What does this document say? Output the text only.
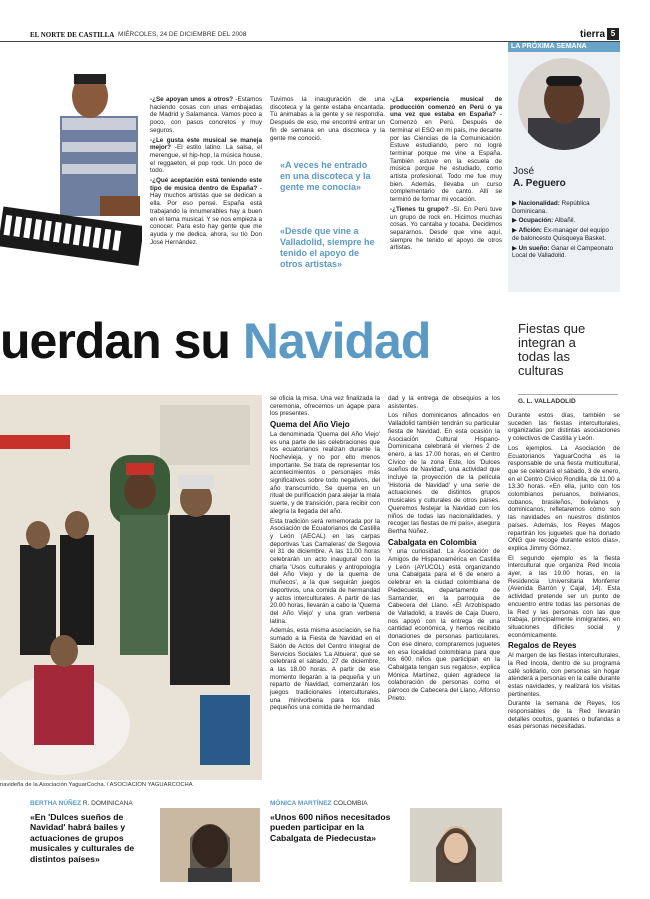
EL NORTE DE CASTILLA MIÉRCOLES, 24 DE DICIEMBRE DEL 2008	tierra 5

-¿Se apoyan unos a otros? -Estamos haciendo cosas con unas embajadas de Madrid y Salamanca. Vamos poco a poco, con pasos concretos y muy seguros.

-¿Le gusta este musical se maneja mejor? -El estilo latino. La salsa, el merengue, el hip-hop, la música house, el reggaeton, el pop rock. Un poco de todo.

-¿Qué aceptación está teniendo este tipo de música dentro de España? -Hay muchos artistas que se dedican a ella. Por eso pensé. España está trabajando la innumerables hay a buen en el tema musical. Y se nos empieza a conocer. Para esto hay gente que me ayuda y me dedica, ahora, su tío Don José Hernández.

Tuvimos la inauguración de una discoteca y la gente estaba encantada. Tú animabas a la gente y se respondía. Después de eso, me encontré entrar un fin de semana en una discoteca y la gente me conoció.

«A veces he entrado en una discoteca y la gente me conocía»
«Desde que vine a Valladolid, siempre he tenido el apoyo de otros artistas»

-¿La experiencia musical de producción comenzó en Perú o ya una vez que estaba en España? -Comenzó en Perú. Después de terminar el ESO en mi país, me decante por las Ciencias de la Comunicación. Estuve estudiando, pero no logré terminar porque me vine a España. También estuve en la escuela de música porque he estudiado, como artista profesional. Todo me fue muy bien. Además, llevaba un curso complementario de canto. Allí se terminó de formar mi vocación.

-¿Tienes tu grupo? -Sí. En Perú tuve un grupo de rock en. Hicimos muchas cosas. Yo cantaba y tocaba. Decidimos separarnos. Desde que vine aquí, siempre he tenido el apoyo de otros artistas.

LA PRÓXIMA SEMANA
José
A. Peguero

▶ Nacionalidad: República Dominicana.

▶ Ocupación: Albañil.

▶ Afición: Ex-manager del equipo de baloncesto Quisqueya Basket.

▶ Un sueño: Ganar el Campeonato Local de Valladolid.

uerdan su Navidad	Fiestas que integran a todas las culturas
G. L. VALLADOLID
navideña de la Asociación YaguarCocha. / ASOCIACIÓN YAGUARCOCHA

se oficia la misa. Una vez finalizada la ceremonia, ofrecemos un ágape para los presentes.

Quema del Año Viejo

La denominada 'Quema del Año Viejo' es una parte de las celebraciones que los ecuatorianos realizan durante la Nochevieja, y no por ello menos importante. Se trata de representar los acontecimientos o personajes más significativos sobre todo negativos, del año transcurrido. Se quema en un ritual de purificación para alejar la mala suerte, y de transición, para recibir con alegría la llegada del año.

Esta tradición será rememorada por la Asociación de Ecuatorianos de Castilla y León (AECAL) en las carpas deportivas 'Las Camaleras' de Segovia el 31 de diciembre. A las 11.00 horas celebrarán un acto inaugural con la charla 'Usos culturales y antropología del Año Viejo y de la quema de muñecos', a la que seguirán juegos deportivos, una comida de hermandad y actos interculturales. A partir de las 20.00 horas, llevarán a cabo la 'Quema del Año Viejo' y una gran verbena latina.

Además, esta misma asociación, se ha sumado a la Fiesta de Navidad en el Salón de Actos del Centro Integral de Servicios Sociales 'La Albuera', que se celebrará el sábado, 27 de diciembre, a las 18.00 horas. A partir de ese momento llegarán a la pequeña y un reparto de Navidad, comenzarán los juegos tradicionales interculturales, una minivorbena para los más pequeños una comida de hermandad

dad y la entrega de obsequios a los asistentes.

Los niños dominicanos afincados en Valladolid también tendrán su particular fiesta de Navidad. En esta ocasión la Asociación Cultural Hispano-Dominicana celebrará el viernes 2 de enero, a las 17.00 horas, en el Centro Cívico de la zona Este, los 'Dulces sueños de Navidad', una actividad que incluye la proyección de la película 'Historia de Navidad' y una serie de actuaciones de distintos grupos musicales y culturales de otros países. Queremos festejar la Navidad con los niños de todas las nacionalidades, y recoger las fiestas de mi país», asegura Bertha Núñez.

Cabalgata en Colombia

Y una curiosidad. La Asociación de Amigos de Hispanoamérica en Castilla y León (AYUCOL) está organizando una Cabalgata para el 6 de enero a celebrar en la ciudad colombiana de Piedecuesta, departamento de Santander, en la parroquia de Cabecera del Llano. «El Arzobispado de Valladolid, a través de Caja Duero, nos apoyó con la entrega de una cantidad económica, y hemos recibido donaciones de personas particulares. Con ese dinero, compraremos juguetes en esa localidad colombiana para que los 600 niños que participan en la Cabalgata tengan sus regalos», explica Mónica Martínez, quien agradece la colaboración de personas como el párroco de Cabecera del Llano, Alfonso Prieto.

Durante estos días, también se suceden las fiestas interculturales, organizadas por distintas asociaciones y colectivos de Castilla y León.

Los ejemplos. La Asociación de Ecuatorianos YaguarCocha es la responsable de una fiesta multicultural, que se celebrará el sábado, 3 de enero, en el Centro Cívico Rondilla, de 11.00 a 13.30 horas. «En ella, junto con los colombianos peruanos, bolivianos, cubanos, brasileños, bolivianos y dominicanos, refletaremos cómo son las navidades en nuestros distintos países. Además, los Reyes Magos repartirán los juguetes que ha donado ONG que recoge durante estos días», explica Jimmy Gómez.

El segundo ejemplo es la fiesta intercultural que organiza Red Incola ayer, a las 19.00 horas, en la Residencia Universitaria Monferrer (Avenida Barrón y Cajal, 14). Esta actividad pretende ser un punto de encuentro entre todas las personas de la Red y las personas con las que trabaja, principalmente inmigrantes, en situaciones difíciles social y económicamente.

Regalos de Reyes

Al margen de las fiestas interculturales, la Red Incola, dentro de su programa café solidario, con personas sin hogar atenderá a personas en la calle durante estas navidades, y realizará los visitas pertinentes.

Durante la semana de Reyes, los responsables de la Red llevarán detalles ocultos, guantes o bufandas a esas personas necesitadas.

BERTHA NÚÑEZ R. DOMINICANA
«En 'Dulces sueños de Navidad' habrá bailes y actuaciones de grupos musicales y culturales de distintos países»
MÓNICA MARTÍNEZ COLOMBIA
«Unos 600 niños necesitados pueden participar en la Cabalgata de Piedecusta»
